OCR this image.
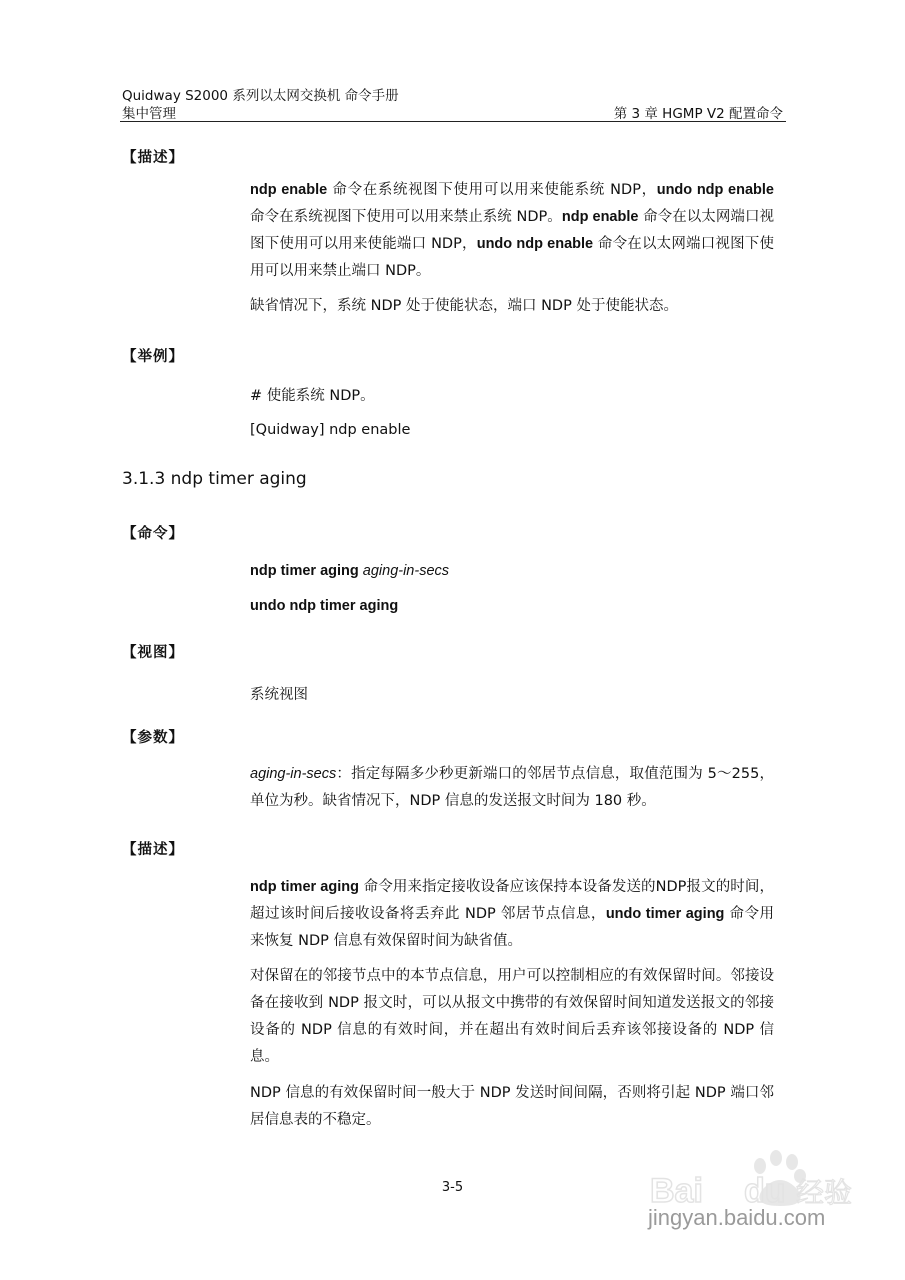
Quidway S2000 系列以太网交换机 命令手册
集中管理	第 3 章 HGMP V2 配置命令
【描述】
ndp enable 命令在系统视图下使用可以用来使能系统 NDP，undo ndp enable 命令在系统视图下使用可以用来禁止系统 NDP。ndp enable 命令在以太网端口视图下使用可以用来使能端口 NDP，undo ndp enable 命令在以太网端口视图下使用可以用来禁止端口 NDP。
缺省情况下，系统 NDP 处于使能状态，端口 NDP 处于使能状态。
【举例】
# 使能系统 NDP。
[Quidway] ndp enable
3.1.3 ndp timer aging
【命令】
ndp timer aging aging-in-secs
undo ndp timer aging
【视图】
系统视图
【参数】
aging-in-secs：指定每隔多少秒更新端口的邻居节点信息，取值范围为 5～255，单位为秒。缺省情况下，NDP 信息的发送报文时间为 180 秒。
【描述】
ndp timer aging 命令用来指定接收设备应该保持本设备发送的NDP报文的时间，超过该时间后接收设备将丢弃此 NDP 邻居节点信息，undo timer aging 命令用来恢复 NDP 信息有效保留时间为缺省值。
对保留在的邻接节点中的本节点信息，用户可以控制相应的有效保留时间。邻接设备在接收到 NDP 报文时，可以从报文中携带的有效保留时间知道发送报文的邻接设备的 NDP 信息的有效时间，并在超出有效时间后丢弃该邻接设备的 NDP 信息。
NDP 信息的有效保留时间一般大于 NDP 发送时间间隔，否则将引起 NDP 端口邻居信息表的不稳定。
3-5	Bai du 经验
jingyan.baidu.com
